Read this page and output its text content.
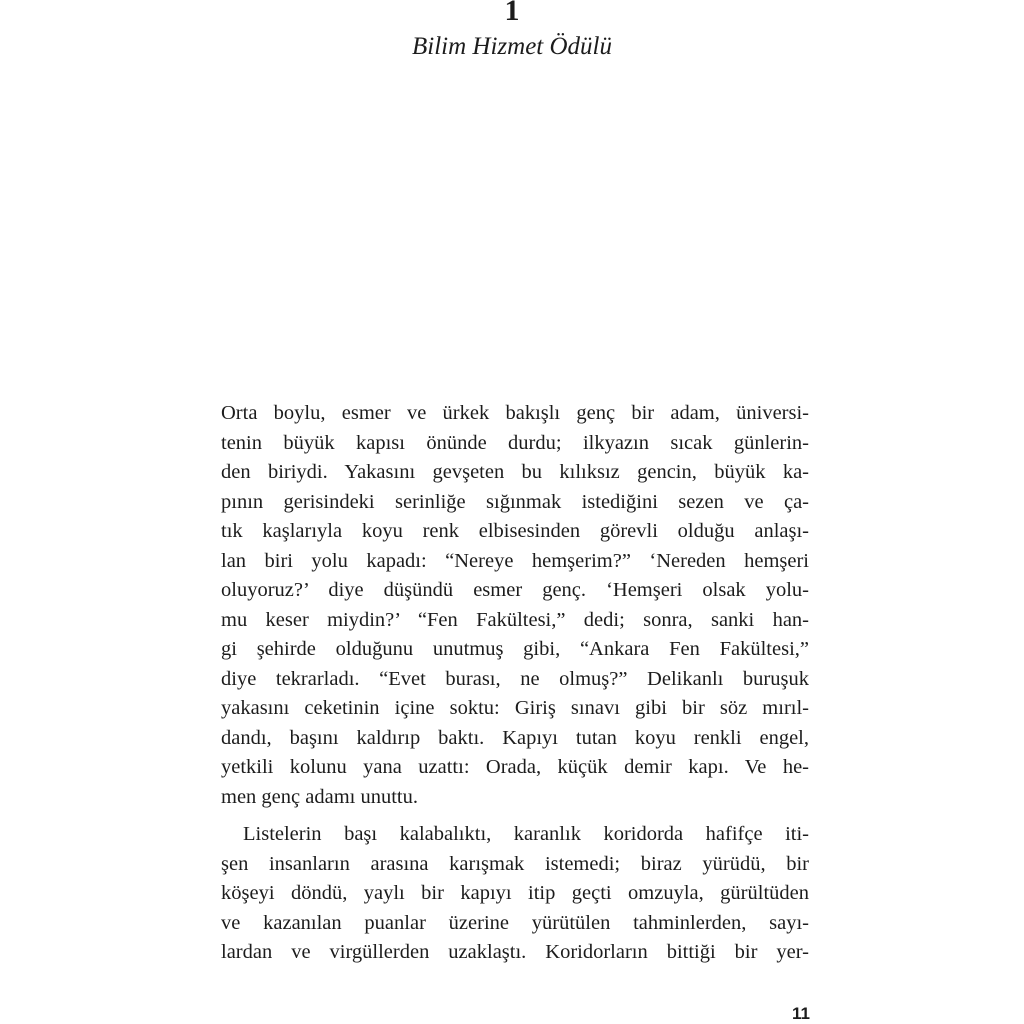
1
Bilim Hizmet Ödülü
Orta boylu, esmer ve ürkek bakışlı genç bir adam, üniversi-
tenin büyük kapısı önünde durdu; ilkyazın sıcak günlerin-
den biriydi. Yakasını gevşeten bu kılıksız gencin, büyük ka-
pının gerisindeki serinliğe sığınmak istediğini sezen ve ça-
tık kaşlarıyla koyu renk elbisesinden görevli olduğu anlaşı-
lan biri yolu kapadı: “Nereye hemşerim?” ‘Nereden hemşeri
oluyoruz?’ diye düşündü esmer genç. ‘Hemşeri olsak yolu-
mu keser miydin?’ “Fen Fakültesi,” dedi; sonra, sanki han-
gi şehirde olduğunu unutmuş gibi, “Ankara Fen Fakültesi,”
diye tekrarladı. “Evet burası, ne olmuş?” Delikanlı buruşuk
yakasını ceketinin içine soktu: Giriş sınavı gibi bir söz mırıl-
dandı, başını kaldırıp baktı. Kapıyı tutan koyu renkli engel,
yetkili kolunu yana uzattı: Orada, küçük demir kapı. Ve he-
men genç adamı unuttu.
Listelerin başı kalabalıktı, karanlık koridorda hafifçe iti-
şen insanların arasına karışmak istemedi; biraz yürüdü, bir
köşeyi döndü, yaylı bir kapıyı itip geçti omzuyla, gürültüden
ve kazanılan puanlar üzerine yürütülen tahminlerden, sayı-
lardan ve virgüllerden uzaklaştı. Koridorların bittiği bir yer-
11
